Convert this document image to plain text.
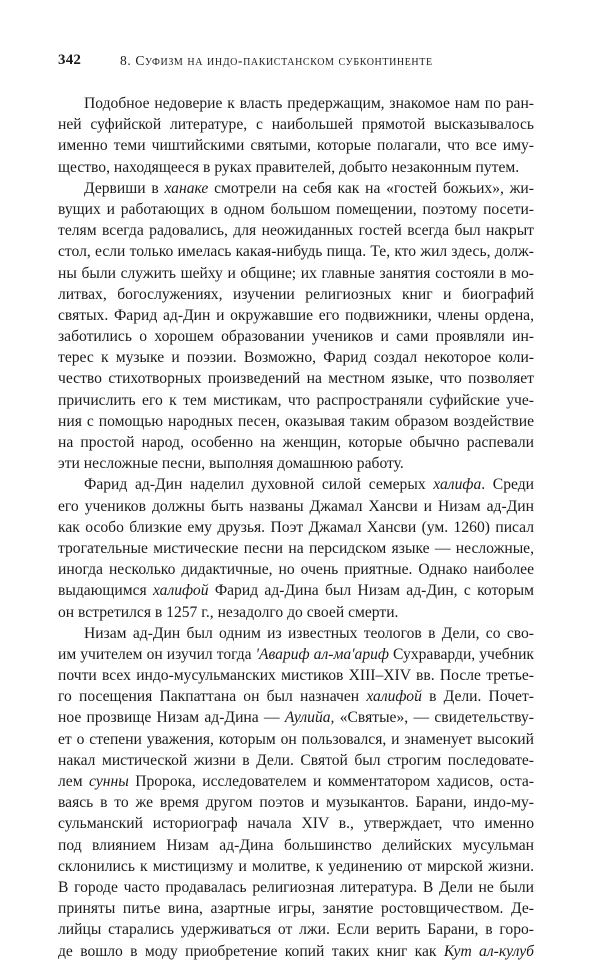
342	8. Суфизм на индо-пакистанском субконтиненте
Подобное недоверие к власть предержащим, знакомое нам по ран-
ней суфийской литературе, с наибольшей прямотой высказывалось
именно теми чиштийскими святыми, которые полагали, что все иму-
щество, находящееся в руках правителей, добыто незаконным путем.
Дервиши в ханаке смотрели на себя как на «гостей божьих», жи-
вущих и работающих в одном большом помещении, поэтому посети-
телям всегда радовались, для неожиданных гостей всегда был накрыт
стол, если только имелась какая-нибудь пища. Те, кто жил здесь, долж-
ны были служить шейху и общине; их главные занятия состояли в мо-
литвах, богослужениях, изучении религиозных книг и биографий
святых. Фарид ад-Дин и окружавшие его подвижники, члены ордена,
заботились о хорошем образовании учеников и сами проявляли ин-
терес к музыке и поэзии. Возможно, Фарид создал некоторое коли-
чество стихотворных произведений на местном языке, что позволяет
причислить его к тем мистикам, что распространяли суфийские уче-
ния с помощью народных песен, оказывая таким образом воздействие
на простой народ, особенно на женщин, которые обычно распевали
эти несложные песни, выполняя домашнюю работу.
Фарид ад-Дин наделил духовной силой семерых халифа. Среди
его учеников должны быть названы Джамал Хансви и Низам ад-Дин
как особо близкие ему друзья. Поэт Джамал Хансви (ум. 1260) писал
трогательные мистические песни на персидском языке — несложные,
иногда несколько дидактичные, но очень приятные. Однако наиболее
выдающимся халифой Фарид ад-Дина был Низам ад-Дин, с которым
он встретился в 1257 г., незадолго до своей смерти.
Низам ад-Дин был одним из известных теологов в Дели, со сво-
им учителем он изучил тогда 'Авариф ал-ма'ариф Сухраварди, учебник
почти всех индо-мусульманских мистиков XIII–XIV вв. После третье-
го посещения Пакпаттана он был назначен халифой в Дели. Почет-
ное прозвище Низам ад-Дина — Аулийа, «Святые», — свидетельству-
ет о степени уважения, которым он пользовался, и знаменует высокий
накал мистической жизни в Дели. Святой был строгим последовате-
лем сунны Пророка, исследователем и комментатором хадисов, оста-
ваясь в то же время другом поэтов и музыкантов. Барани, индо-му-
сульманский историограф начала XIV в., утверждает, что именно
под влиянием Низам ад-Дина большинство делийских мусульман
склонились к мистицизму и молитве, к уединению от мирской жизни.
В городе часто продавалась религиозная литература. В Дели не были
приняты питье вина, азартные игры, занятие ростовщичеством. Де-
лийцы старались удерживаться от лжи. Если верить Барани, в горо-
де вошло в моду приобретение копий таких книг как Кут ал-кулуб
